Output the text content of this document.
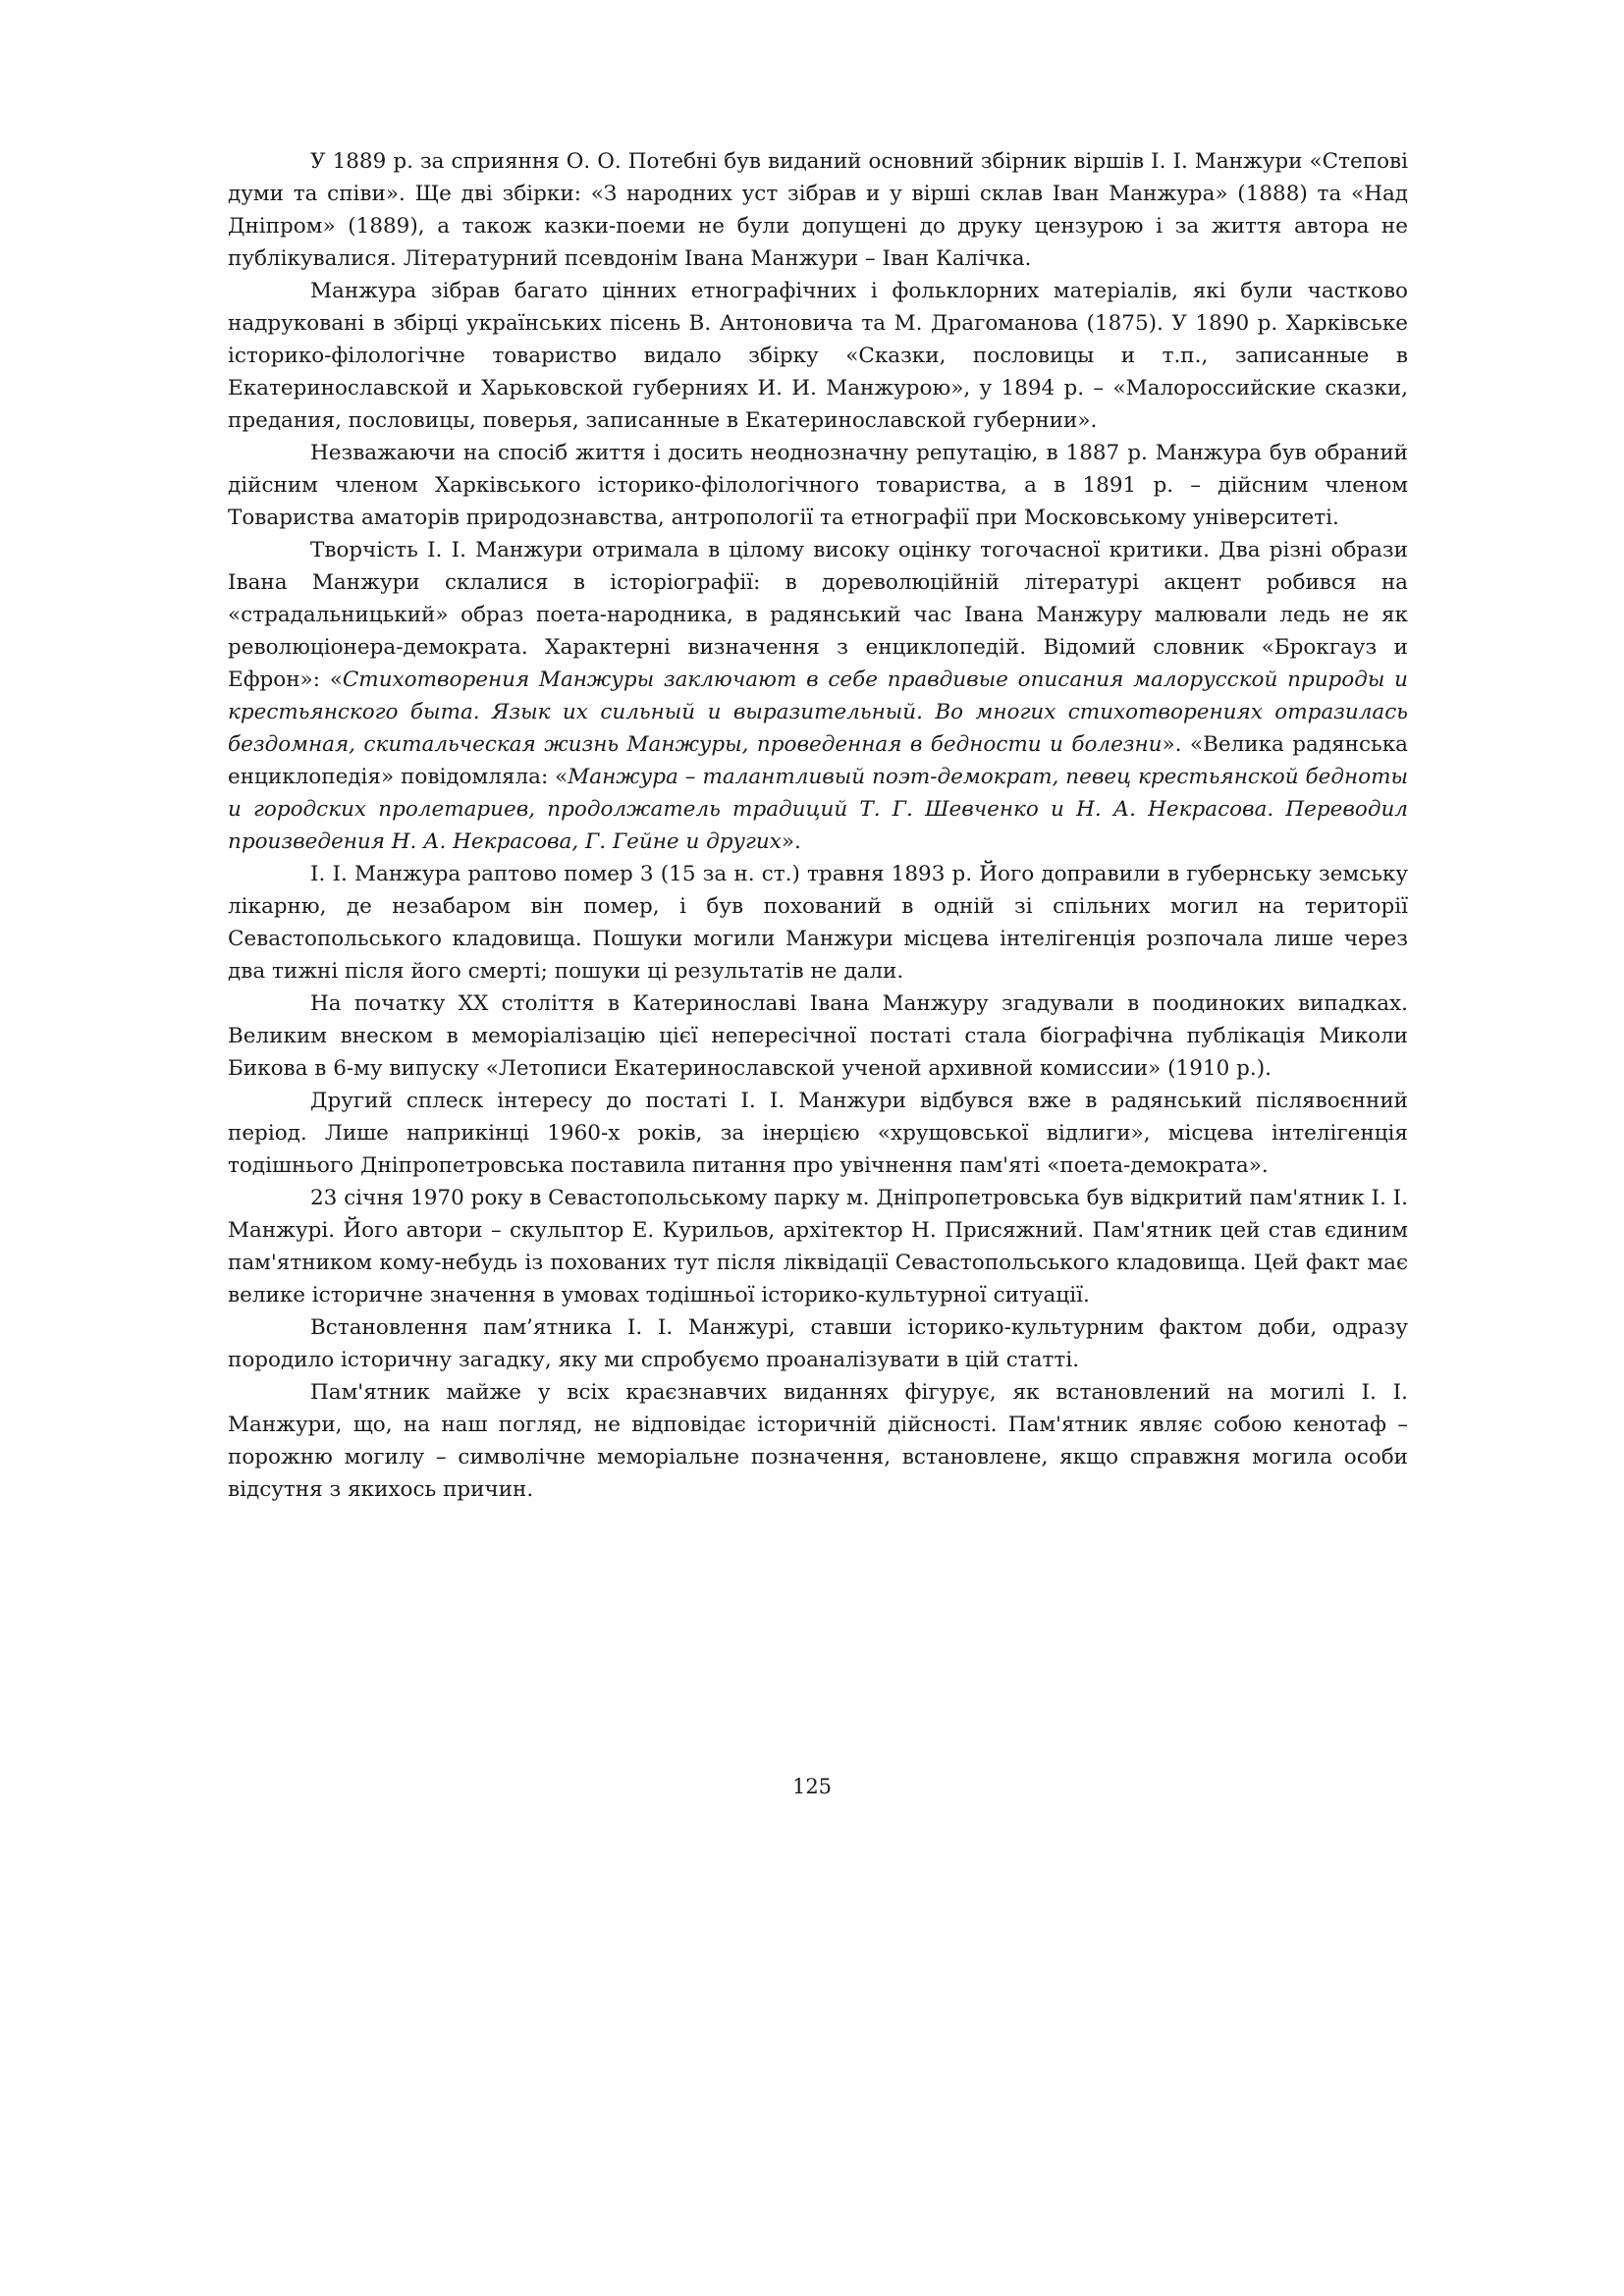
У 1889 р. за сприяння О. О. Потебні був виданий основний збірник віршів І. І. Манжури «Степові думи та співи». Ще дві збірки: «З народних уст зібрав и у вірші склав Іван Манжура» (1888) та «Над Дніпром» (1889), а також казки-поеми не були допущені до друку цензурою і за життя автора не публікувалися. Літературний псевдонім Івана Манжури – Іван Калічка.

Манжура зібрав багато цінних етнографічних і фольклорних матеріалів, які були частково надруковані в збірці українських пісень В. Антоновича та М. Драгоманова (1875). У 1890 р. Харківське історико-філологічне товариство видало збірку «Сказки, пословицы и т.п., записанные в Екатеринославской и Харьковской губерниях И. И. Манжурою», у 1894 р. – «Малороссийские сказки, предания, пословицы, поверья, записанные в Екатеринославской губернии».

Незважаючи на спосіб життя і досить неоднозначну репутацію, в 1887 р. Манжура був обраний дійсним членом Харківського історико-філологічного товариства, а в 1891 р. – дійсним членом Товариства аматорів природознавства, антропології та етнографії при Московському університеті.

Творчість І. І. Манжури отримала в цілому високу оцінку тогочасної критики. Два різні образи Івана Манжури склалися в історіографії: в дореволюційній літературі акцент робився на «страдальницький» образ поета-народника, в радянський час Івана Манжуру малювали ледь не як революціонера-демократа. Характерні визначення з енциклопедій. Відомий словник «Брокгауз и Ефрон»: «Стихотворения Манжуры заключают в себе правдивые описания малорусской природы и крестьянского быта. Язык их сильный и выразительный. Во многих стихотворениях отразилась бездомная, скитальческая жизнь Манжуры, проведенная в бедности и болезни». «Велика радянська енциклопедія» повідомляла: «Манжура – талантливый поэт-демократ, певец крестьянской бедноты и городских пролетариев, продолжатель традиций Т. Г. Шевченко и Н. А. Некрасова. Переводил произведения Н. А. Некрасова, Г. Гейне и других».

І. І. Манжура раптово помер 3 (15 за н. ст.) травня 1893 р. Його доправили в губернську земську лікарню, де незабаром він помер, і був похований в одній зі спільних могил на території Севастопольського кладовища. Пошуки могили Манжури місцева інтелігенція розпочала лише через два тижні після його смерті; пошуки ці результатів не дали.

На початку ХХ століття в Катеринославі Івана Манжуру згадували в поодиноких випадках. Великим внеском в меморіалізацію цієї непересічної постаті стала біографічна публікація Миколи Бикова в 6-му випуску «Летописи Екатеринославской ученой архивной комиссии» (1910 р.).

Другий сплеск інтересу до постаті І. І. Манжури відбувся вже в радянський післявоєнний період. Лише наприкінці 1960-х років, за інерцією «хрущовської відлиги», місцева інтелігенція тодішнього Дніпропетровська поставила питання про увічнення пам'яті «поета-демократа».

23 січня 1970 року в Севастопольському парку м. Дніпропетровська був відкритий пам'ятник І. І. Манжурі. Його автори – скульптор Е. Курильов, архітектор Н. Присяжний. Пам'ятник цей став єдиним пам'ятником кому-небудь із похованих тут після ліквідації Севастопольського кладовища. Цей факт має велике історичне значення в умовах тодішньої історико-культурної ситуації.

Встановлення пам’ятника І. І. Манжурі, ставши історико-культурним фактом доби, одразу породило історичну загадку, яку ми спробуємо проаналізувати в цій статті.

Пам'ятник майже у всіх краєзнавчих виданнях фігурує, як встановлений на могилі І. І. Манжури, що, на наш погляд, не відповідає історичній дійсності. Пам'ятник являє собою кенотаф – порожню могилу – символічне меморіальне позначення, встановлене, якщо справжня могила особи відсутня з якихось причин.

125
